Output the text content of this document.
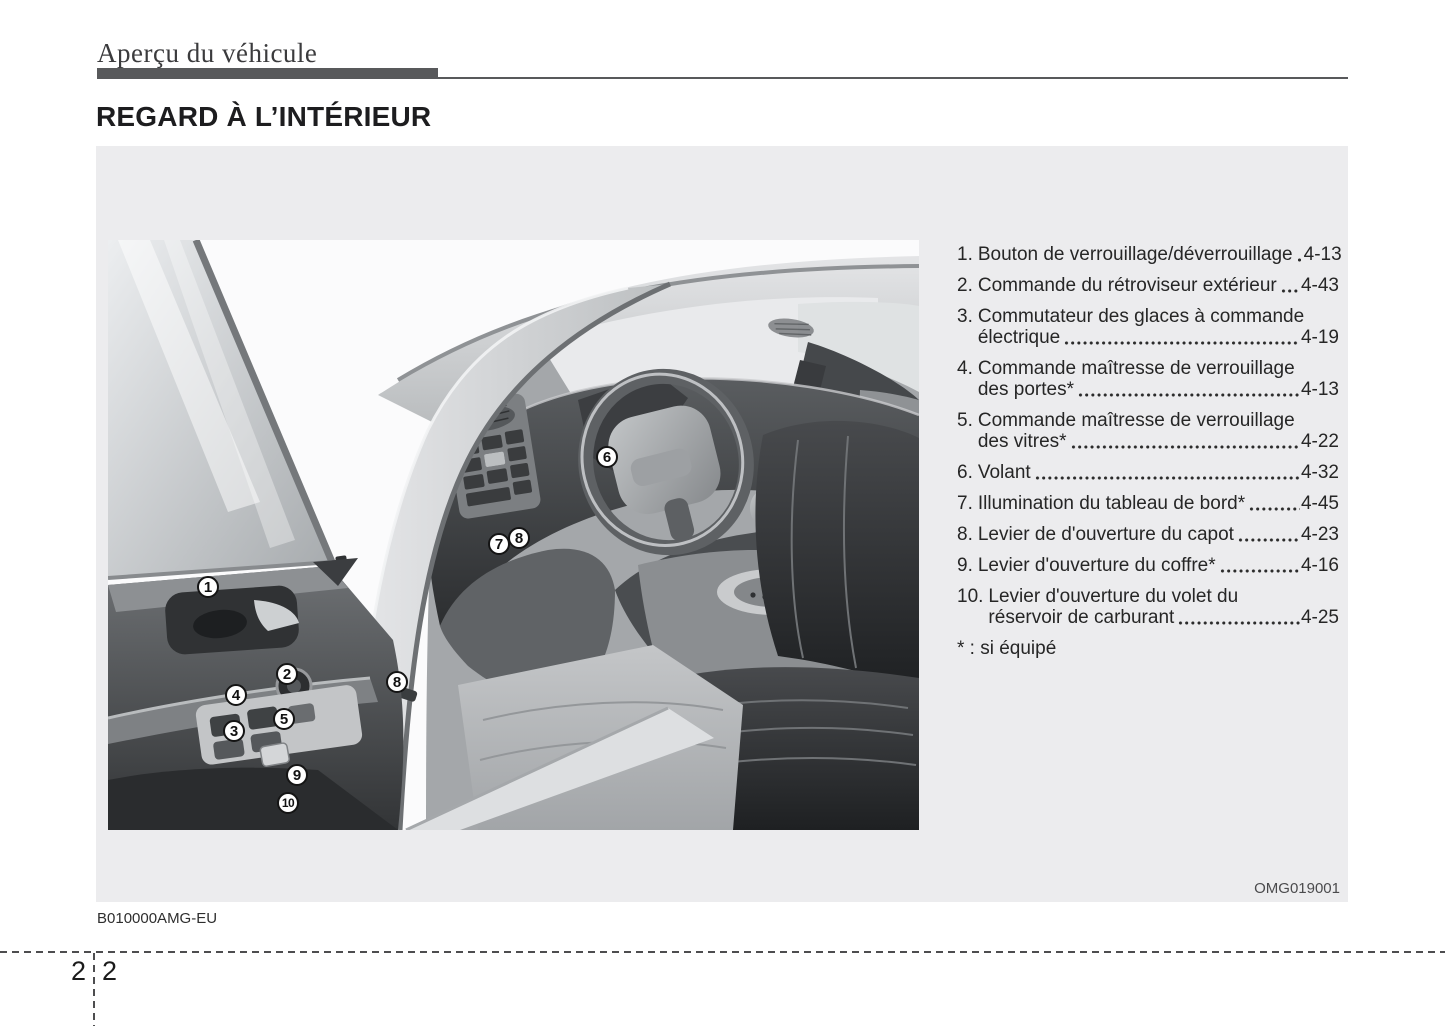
Aperçu du véhicule
REGARD À L’INTÉRIEUR
1
2
3
4
5
6
7 8
8
9
10
1. Bouton de verrouillage/déverrouillage 4-13
2. Commande du rétroviseur extérieur 4-43
3. Commutateur des glaces à commande
électrique	4-19
4. Commande maîtresse de verrouillage
des portes*	4-13
5. Commande maîtresse de verrouillage
des vitres*	4-22
6. Volant	4-32
7. Illumination du tableau de bord*	4-45
8. Levier de d'ouverture du capot	4-23
9. Levier d'ouverture du coffre*	4-16
10. Levier d'ouverture du volet du
réservoir de carburant	4-25
* : si équipé
OMG019001
B010000AMG-EU
2 2
